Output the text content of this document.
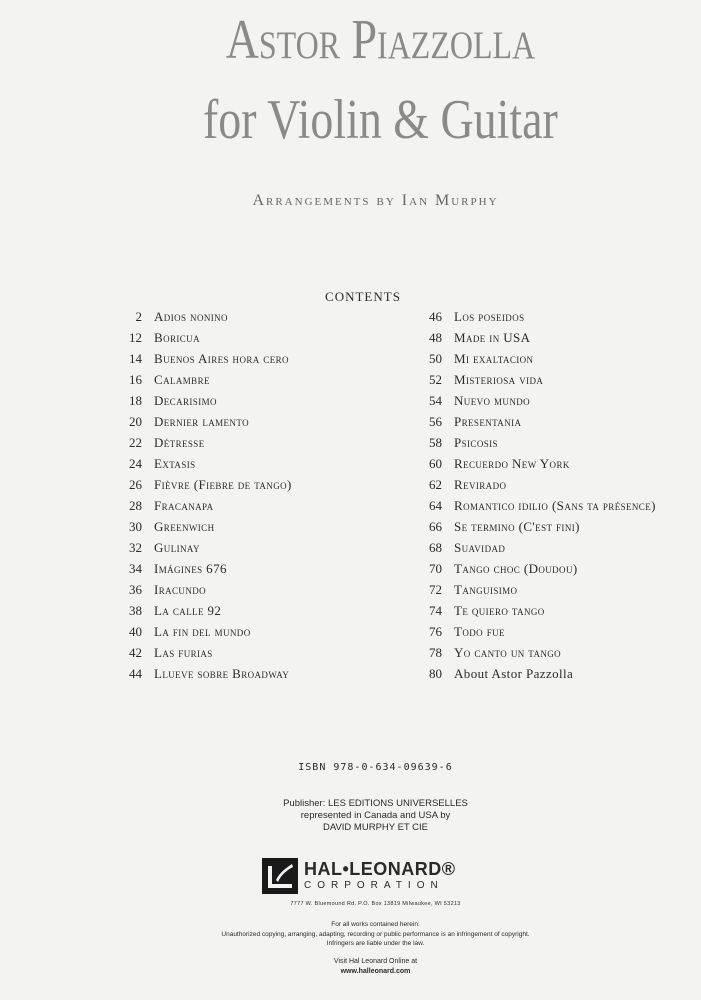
Astor Piazzolla
for Violin & Guitar
Arrangements by Ian Murphy
CONTENTS
2 Adios nonino
12 Boricua
14 Buenos Aires hora cero
16 Calambre
18 Decarisimo
20 Dernier lamento
22 Détresse
24 Extasis
26 Fièvre (Fiebre de tango)
28 Fracanapa
30 Greenwich
32 Gulinay
34 Imágines 676
36 Iracundo
38 La calle 92
40 La fin del mundo
42 Las furias
44 Llueve sobre Broadway
46 Los poseidos
48 Made in USA
50 Mi exaltacion
52 Misteriosa vida
54 Nuevo mundo
56 Presentania
58 Psicosis
60 Recuerdo New York
62 Revirado
64 Romantico idilio (Sans ta présence)
66 Se termino (C'est fini)
68 Suavidad
70 Tango choc (Doudou)
72 Tanguisimo
74 Te quiero tango
76 Todo fue
78 Yo canto un tango
80 About Astor Pazzolla
ISBN 978-0-634-09639-6
Publisher: LES EDITIONS UNIVERSELLES
represented in Canada and USA by
DAVID MURPHY ET CIE
HAL•LEONARD®
CORPORATION
7777 W. Bluemound Rd. P.O. Box 13819 Milwaukee, WI 53213
For all works contained herein:
Unauthorized copying, arranging, adapting, recording or public performance is an infringement of copyright.
Infringers are liable under the law.
Visit Hal Leonard Online at
www.halleonard.com
